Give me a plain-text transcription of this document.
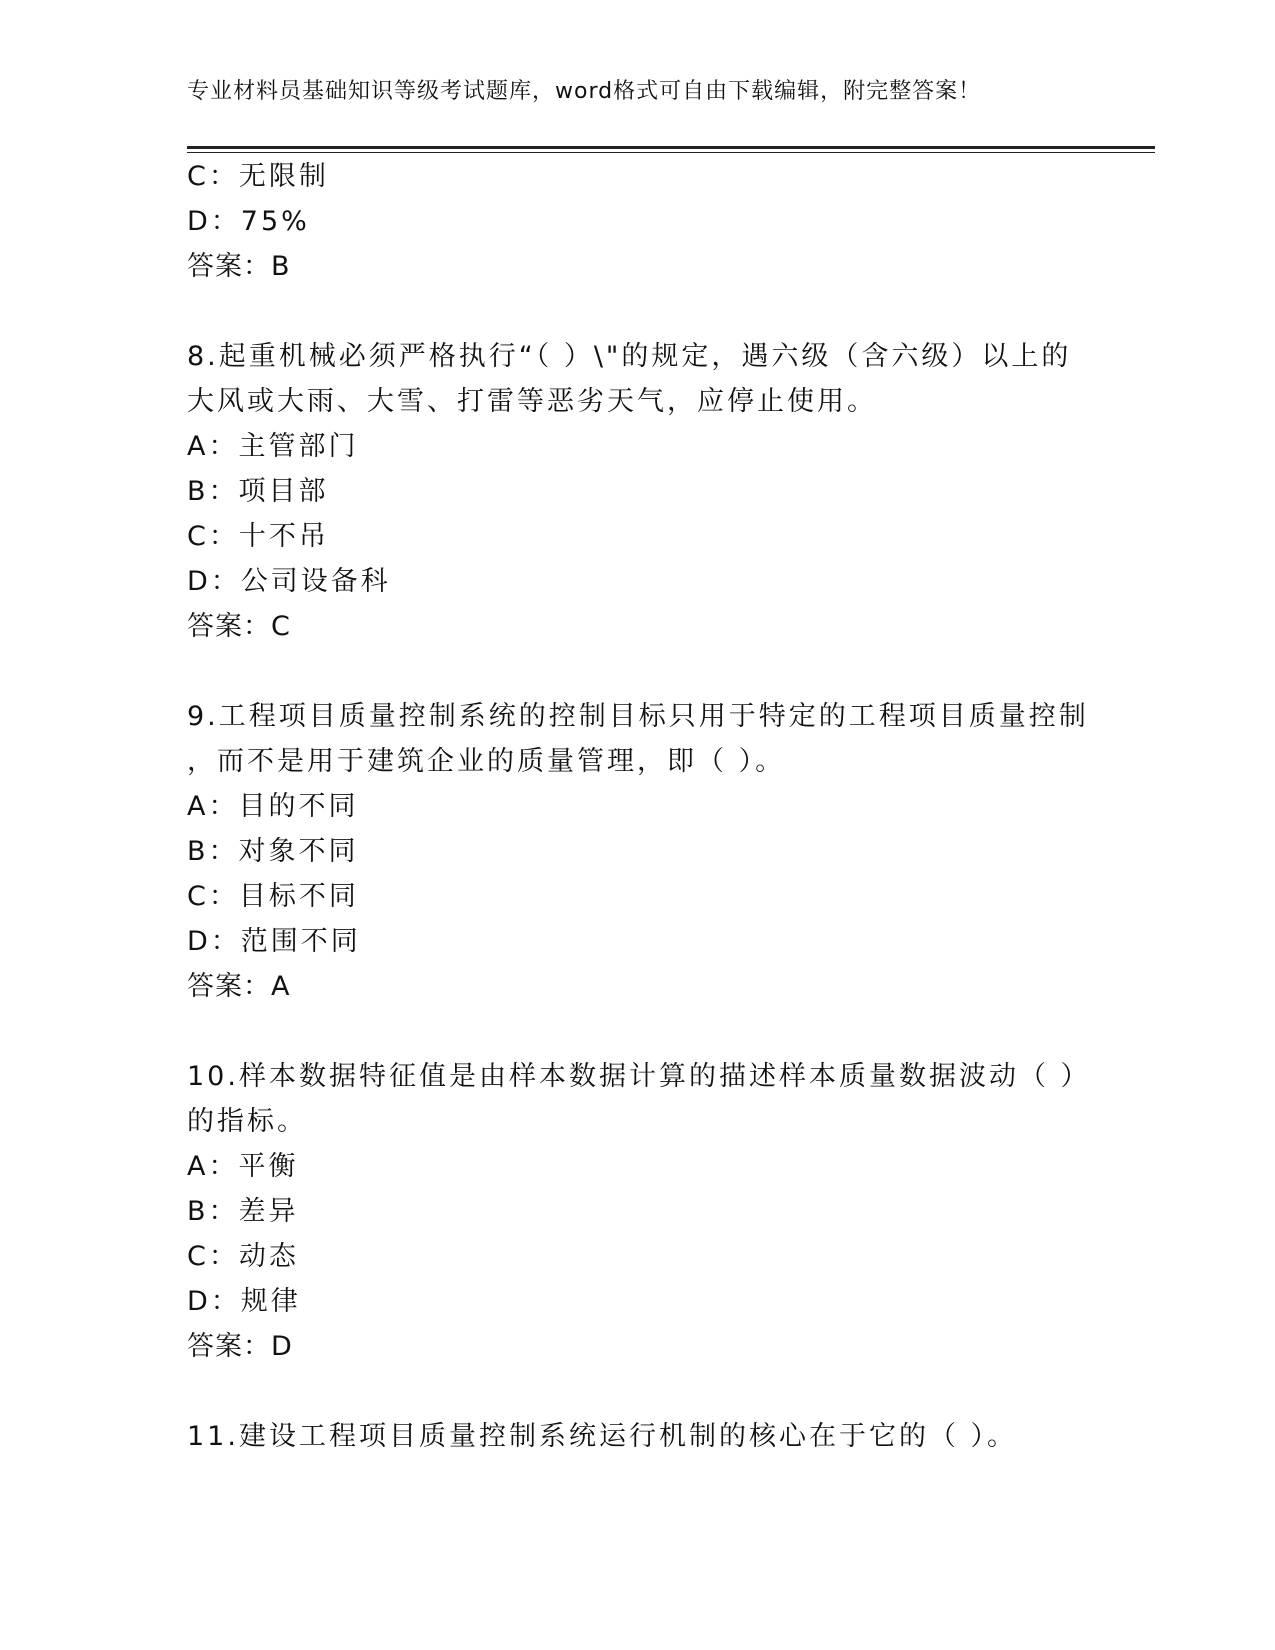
专业材料员基础知识等级考试题库，word格式可自由下载编辑，附完整答案！
C：无限制
D：75%
答案：B
8.起重机械必须严格执行“（ ）\"的规定，遇六级（含六级）以上的
大风或大雨、大雪、打雷等恶劣天气，应停止使用。
A：主管部门
B：项目部
C：十不吊
D：公司设备科
答案：C
9.工程项目质量控制系统的控制目标只用于特定的工程项目质量控制
，而不是用于建筑企业的质量管理，即（ ）。
A：目的不同
B：对象不同
C：目标不同
D：范围不同
答案：A
10.样本数据特征值是由样本数据计算的描述样本质量数据波动（ ）
的指标。
A：平衡
B：差异
C：动态
D：规律
答案：D
11.建设工程项目质量控制系统运行机制的核心在于它的（ ）。
